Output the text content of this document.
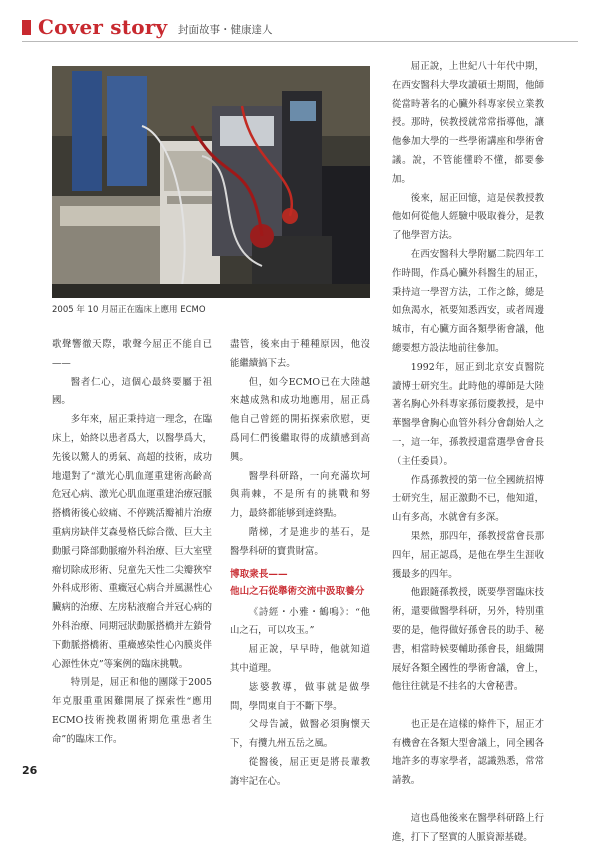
Cover story 封面故事・健康達人
2005 年 10 月屈正在臨床上應用 ECMO

歌聲響徹天際，歌聲今屈正不能自已——

醫者仁心，這個心最終要屬于祖國。

多年來，屈正秉持這一理念，在臨床上，始終以患者爲大，以醫學爲大，先後以驚人的勇氣、高超的技術，成功地還對了“激光心肌血運重建術高齡高危冠心病、激光心肌血運重建治療冠脈搭橋術後心絞痛、不停跳活瓣補片治療重病房缺伴艾森曼格氏綜合徵、巨大主動脈弓降部動脈瘤外科治療、巨大室壁瘤切除成形術、兒童先天性二尖瓣狹窄外科成形術、重癥冠心病合并風濕性心臟病的治療、左房粘液瘤合并冠心病的外科治療、同期冠狀動脈搭橋并左鎖骨下動脈搭橋術、重癥感染性心內膜炎伴心源性休克”等案例的臨床挑戰。

特別是，屈正和他的團隊于2005年克服重重困難開展了探索性“應用ECMO技術挽救圍術期危重患者生命”的臨床工作。

盡管，後來由于種種原因，他沒能繼續搞下去。

但，如今ECMO已在大陸越來越成熟和成功地應用，屈正爲他自己曾經的開拓探索欣慰，更爲同仁們後繼取得的成績感到高興。

醫學科研路，一向充滿坎坷與荊棘，不是所有的挑戰和努力，最終都能够到達終點。

階梯，才是進步的基石，是醫學科研的寶貴財富。

博取衆長——
他山之石從舉術交流中汲取養分

《詩經・小雅・鶴鳴》：“他山之石，可以攻玉。”

屈正說，早早時，他就知道其中道理。

毖婆教導，做事就是做學問，學問東自于不斷下學。

父母告誡，做醫必須胸懷天下，有攬九州五岳之風。

從醫後，屈正更是將長輩教誨牢記在心。

屈正說，上世紀八十年代中期，在西安醫科大學攻讀碩士期間，他師從當時著名的心臟外科專家侯立業教授。那時，侯教授就常常指導他，讓他參加大學的一些學術講座和學術會議。說，不管能懂聆不懂，都要參加。

後來，屈正回憶，這是侯教授教他如何從他人經驗中吸取養分，是教了他學習方法。

在西安醫科大學附屬二院四年工作時間，作爲心臟外科醫生的屈正，秉持這一學習方法，工作之餘，總是如魚渴水，祇要知悉西安，或者周邊城市，有心臟方面各類學術會議，他總要想方設法地前往參加。

1992年，屈正到北京安貞醫院讀博士研究生。此時他的導師是大陸著名胸心外科專家孫衍慶教授，是中華醫學會胸心血管外科分會創始人之一，這一年，孫教授還當選學會會長（主任委員）。

作爲孫教授的第一位全國統招博士研究生，屈正激動不已，他知道，山有多高，水就會有多深。

果然，那四年，孫教授當會長那四年，屈正認爲，是他在學生生涯收獲最多的四年。

他跟隨孫教授，既要學習臨床技術，還要做醫學科研，另外，特別重要的是，他得做好孫會長的助手、秘書，相當時候要輔助孫會長，組織開展好各類全國性的學術會議，會上，他往往就是不挂名的大會秘書。

也正是在這樣的條件下，屈正才有機會在各類大型會議上，同全國各地許多的專家學者，認識熟悉，常常請教。

這也爲他後來在醫學科研路上行進，打下了堅實的人脈資源基礎。

26
